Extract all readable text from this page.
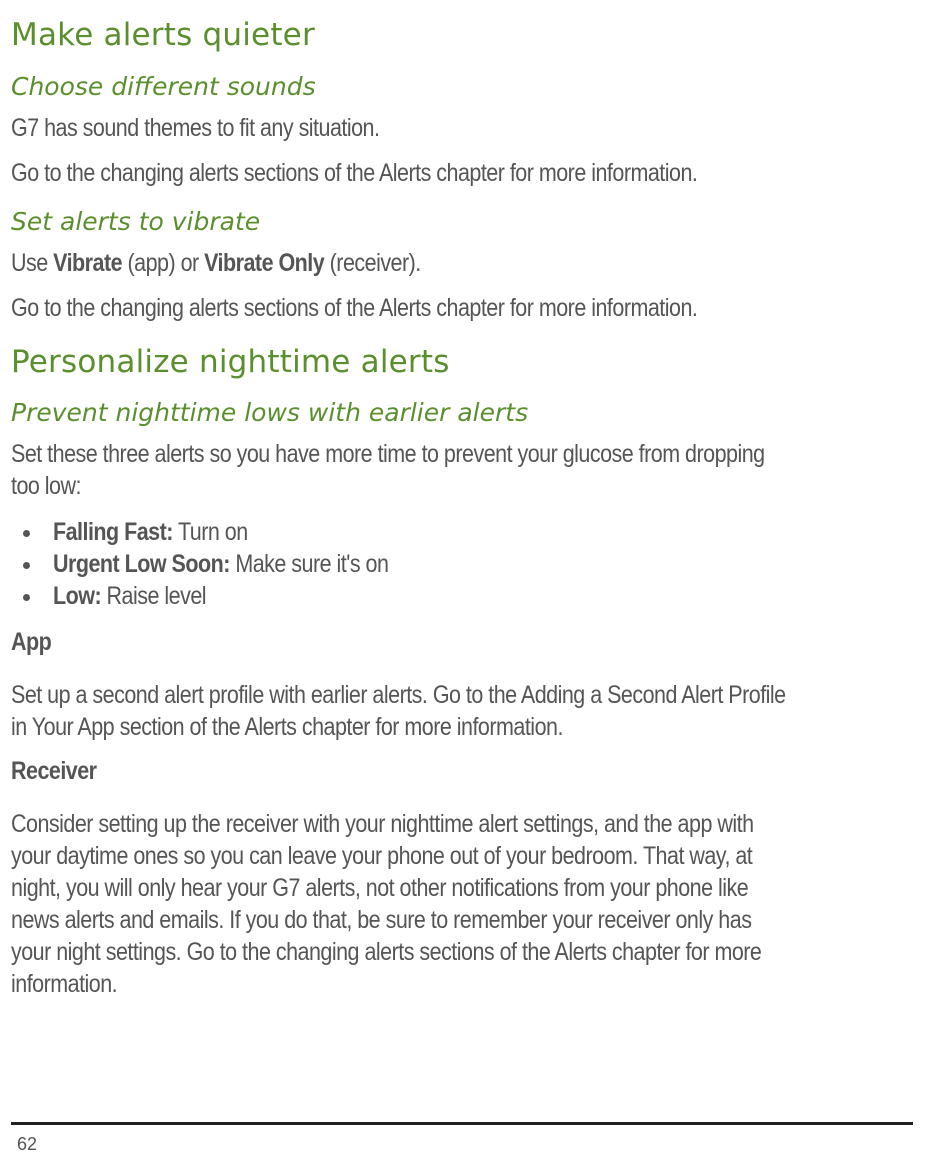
Make alerts quieter
Choose different sounds

G7 has sound themes to fit any situation.

Go to the changing alerts sections of the Alerts chapter for more information.

Set alerts to vibrate

Use Vibrate (app) or Vibrate Only (receiver).

Go to the changing alerts sections of the Alerts chapter for more information.

Personalize nighttime alerts
Prevent nighttime lows with earlier alerts

Set these three alerts so you have more time to prevent your glucose from dropping

too low:

Falling Fast: Turn on
Urgent Low Soon: Make sure it's on
Low: Raise level
App

Set up a second alert profile with earlier alerts. Go to the Adding a Second Alert Profile

in Your App section of the Alerts chapter for more information.

Receiver

Consider setting up the receiver with your nighttime alert settings, and the app with

your daytime ones so you can leave your phone out of your bedroom. That way, at

night, you will only hear your G7 alerts, not other notifications from your phone like

news alerts and emails. If you do that, be sure to remember your receiver only has

your night settings. Go to the changing alerts sections of the Alerts chapter for more

information.

62
